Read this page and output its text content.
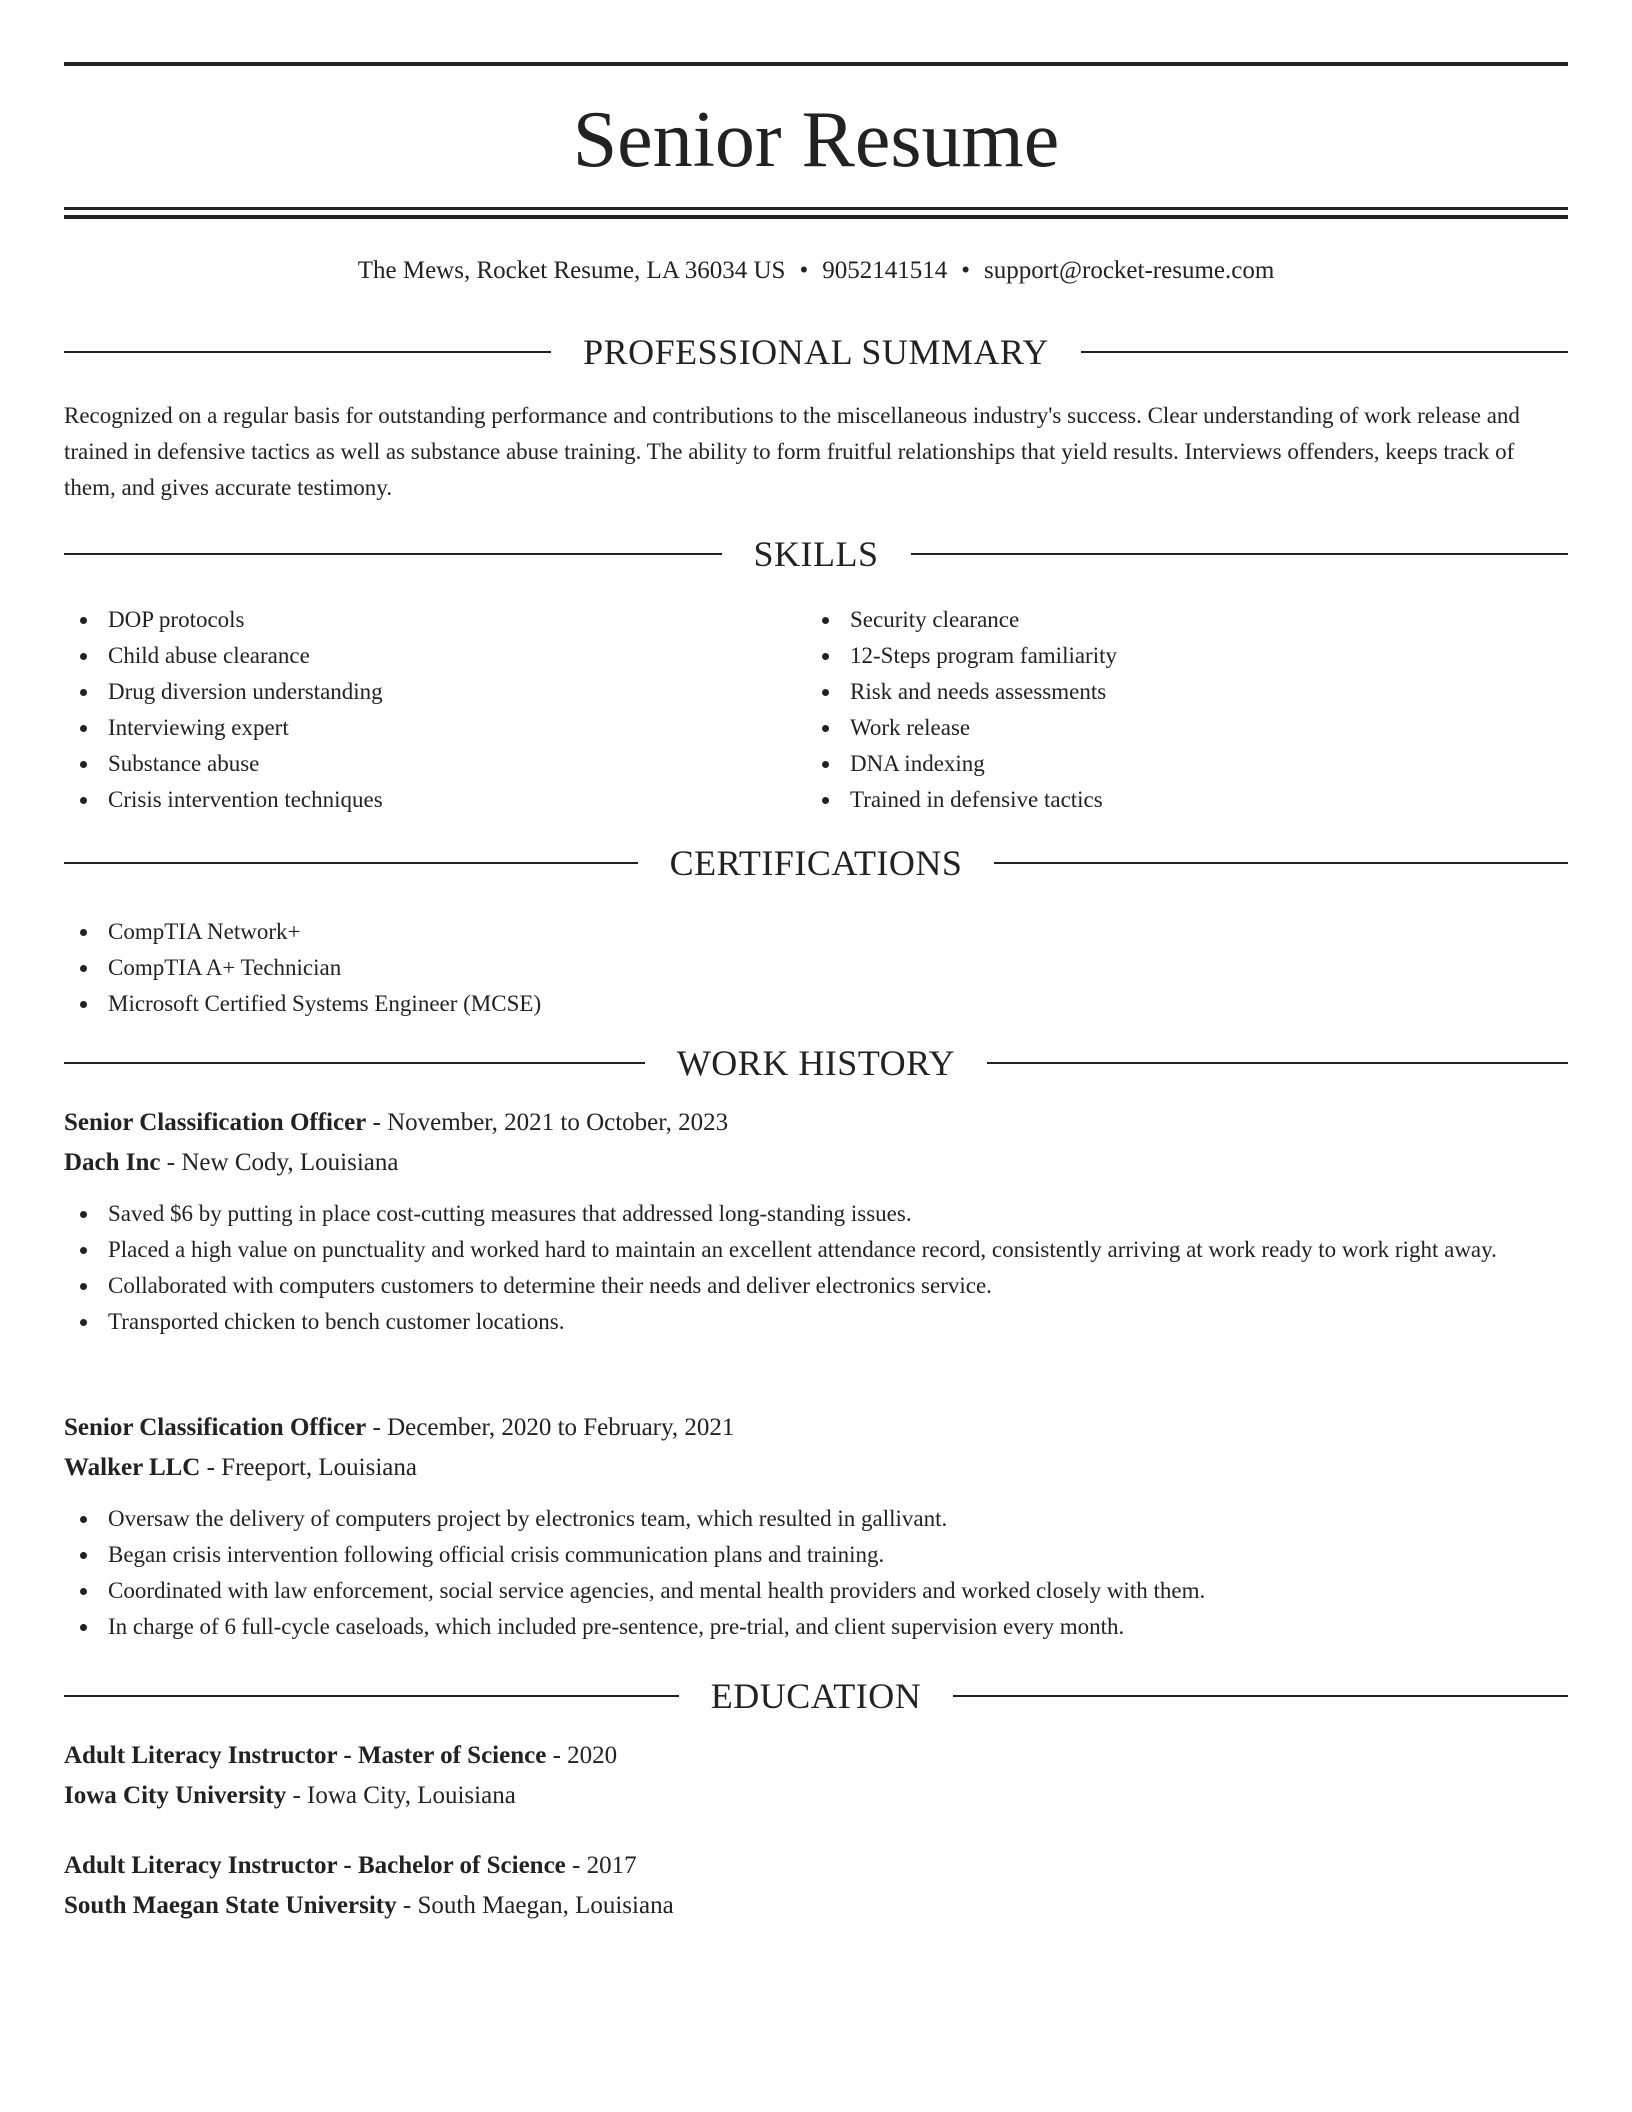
Senior Resume
The Mews, Rocket Resume, LA 36034 US • 9052141514 • support@rocket-resume.com
PROFESSIONAL SUMMARY

Recognized on a regular basis for outstanding performance and contributions to the miscellaneous industry's success. Clear understanding of work release and trained in defensive tactics as well as substance abuse training. The ability to form fruitful relationships that yield results. Interviews offenders, keeps track of them, and gives accurate testimony.

SKILLS
DOP protocols
Child abuse clearance
Drug diversion understanding
Interviewing expert
Substance abuse
Crisis intervention techniques
Security clearance
12-Steps program familiarity
Risk and needs assessments
Work release
DNA indexing
Trained in defensive tactics
CERTIFICATIONS
CompTIA Network+
CompTIA A+ Technician
Microsoft Certified Systems Engineer (MCSE)
WORK HISTORY
Senior Classification Officer - November, 2021 to October, 2023
Dach Inc - New Cody, Louisiana
Saved $6 by putting in place cost-cutting measures that addressed long-standing issues.
Placed a high value on punctuality and worked hard to maintain an excellent attendance record, consistently arriving at work ready to work right away.
Collaborated with computers customers to determine their needs and deliver electronics service.
Transported chicken to bench customer locations.
Senior Classification Officer - December, 2020 to February, 2021
Walker LLC - Freeport, Louisiana
Oversaw the delivery of computers project by electronics team, which resulted in gallivant.
Began crisis intervention following official crisis communication plans and training.
Coordinated with law enforcement, social service agencies, and mental health providers and worked closely with them.
In charge of 6 full-cycle caseloads, which included pre-sentence, pre-trial, and client supervision every month.
EDUCATION
Adult Literacy Instructor - Master of Science - 2020
Iowa City University - Iowa City, Louisiana
Adult Literacy Instructor - Bachelor of Science - 2017
South Maegan State University - South Maegan, Louisiana
